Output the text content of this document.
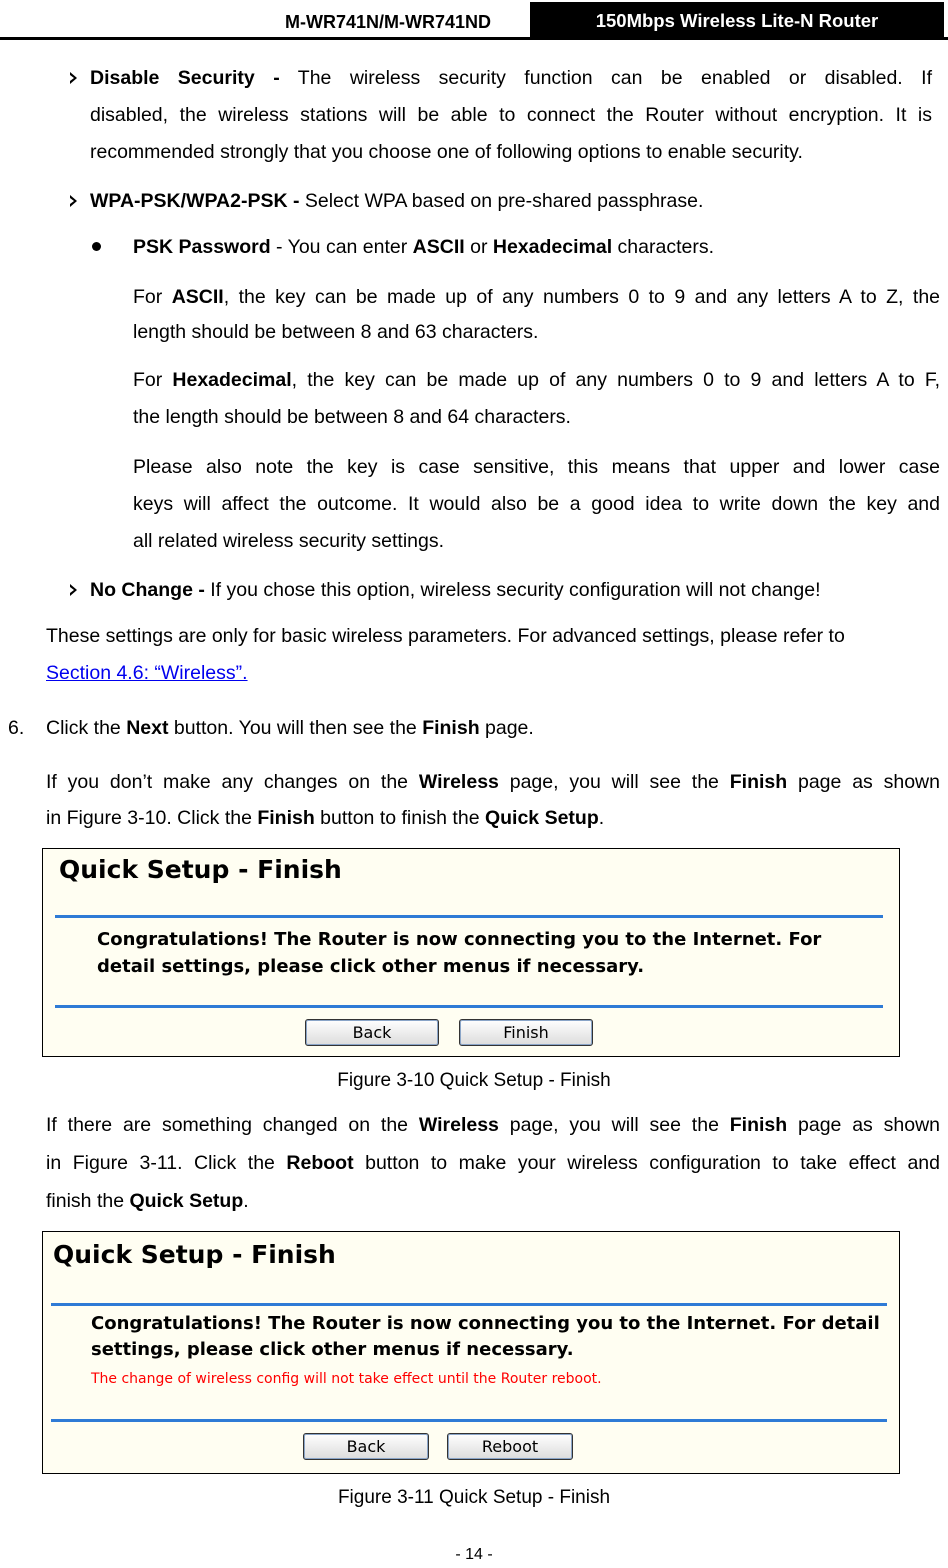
M-WR741N/M-WR741ND	150Mbps Wireless Lite-N Router
Disable Security - The wireless security function can be enabled or disabled. If
disabled, the wireless stations will be able to connect the Router without encryption. It is
recommended strongly that you choose one of following options to enable security.
WPA-PSK/WPA2-PSK - Select WPA based on pre-shared passphrase.
PSK Password - You can enter ASCII or Hexadecimal characters.
For ASCII, the key can be made up of any numbers 0 to 9 and any letters A to Z, the
length should be between 8 and 63 characters.
For Hexadecimal, the key can be made up of any numbers 0 to 9 and letters A to F,
the length should be between 8 and 64 characters.
Please also note the key is case sensitive, this means that upper and lower case
keys will affect the outcome. It would also be a good idea to write down the key and
all related wireless security settings.
No Change - If you chose this option, wireless security configuration will not change!
These settings are only for basic wireless parameters. For advanced settings, please refer to
Section 4.6: “Wireless”.
6. Click the Next button. You will then see the Finish page.
If you don’t make any changes on the Wireless page, you will see the Finish page as shown
in Figure 3-10. Click the Finish button to finish the Quick Setup.
Quick Setup - Finish
Congratulations! The Router is now connecting you to the Internet. For
detail settings, please click other menus if necessary.
Back	Finish
Figure 3-10 Quick Setup - Finish
If there are something changed on the Wireless page, you will see the Finish page as shown
in Figure 3-11. Click the Reboot button to make your wireless configuration to take effect and
finish the Quick Setup.
Quick Setup - Finish
Congratulations! The Router is now connecting you to the Internet. For detail
settings, please click other menus if necessary.
The change of wireless config will not take effect until the Router reboot.
Back	Reboot
Figure 3-11 Quick Setup - Finish
- 14 -
